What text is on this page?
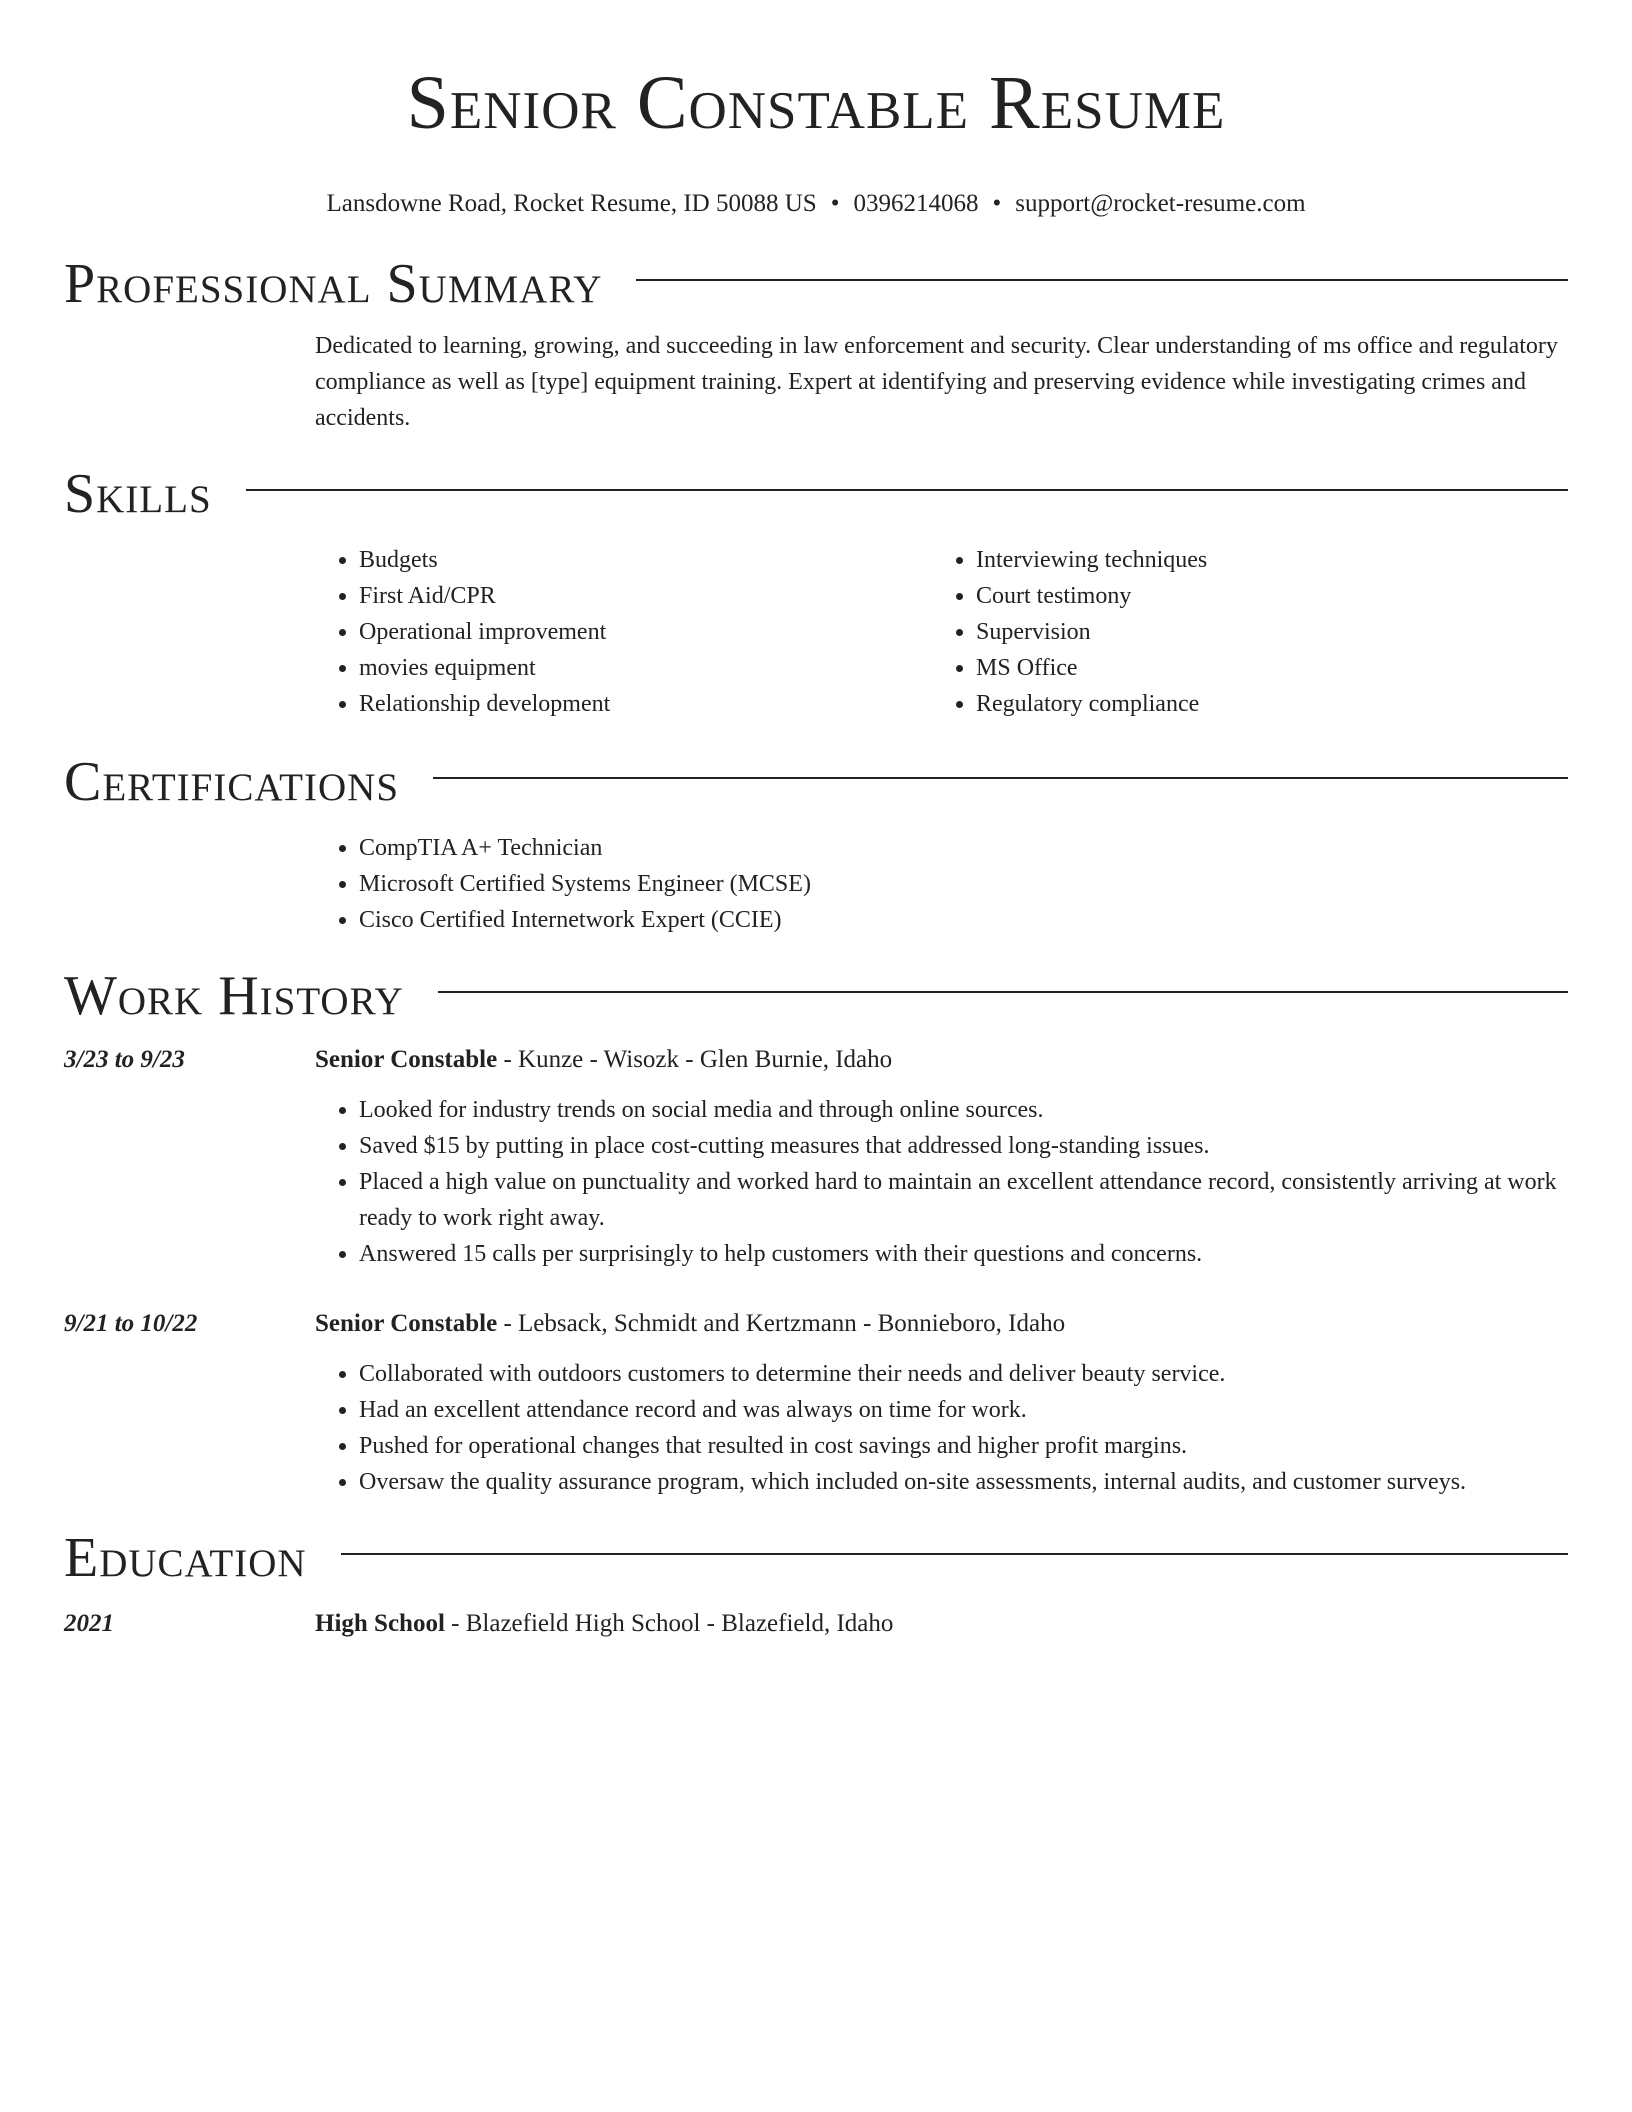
Senior Constable Resume
Lansdowne Road, Rocket Resume, ID 50088 US • 0396214068 • support@rocket-resume.com
Professional Summary
Dedicated to learning, growing, and succeeding in law enforcement and security. Clear understanding of ms office and regulatory compliance as well as [type] equipment training. Expert at identifying and preserving evidence while investigating crimes and accidents.
Skills
• Budgets
• First Aid/CPR
• Operational improvement
• movies equipment
• Relationship development
• Interviewing techniques
• Court testimony
• Supervision
• MS Office
• Regulatory compliance
Certifications
• CompTIA A+ Technician
• Microsoft Certified Systems Engineer (MCSE)
• Cisco Certified Internetwork Expert (CCIE)
Work History
3/23 to 9/23	Senior Constable - Kunze - Wisozk - Glen Burnie, Idaho
• Looked for industry trends on social media and through online sources.
• Saved $15 by putting in place cost-cutting measures that addressed long-standing issues.
• Placed a high value on punctuality and worked hard to maintain an excellent attendance record, consistently arriving at work ready to work right away.
• Answered 15 calls per surprisingly to help customers with their questions and concerns.
9/21 to 10/22	Senior Constable - Lebsack, Schmidt and Kertzmann - Bonnieboro, Idaho
• Collaborated with outdoors customers to determine their needs and deliver beauty service.
• Had an excellent attendance record and was always on time for work.
• Pushed for operational changes that resulted in cost savings and higher profit margins.
• Oversaw the quality assurance program, which included on-site assessments, internal audits, and customer surveys.
Education
2021	High School - Blazefield High School - Blazefield, Idaho
